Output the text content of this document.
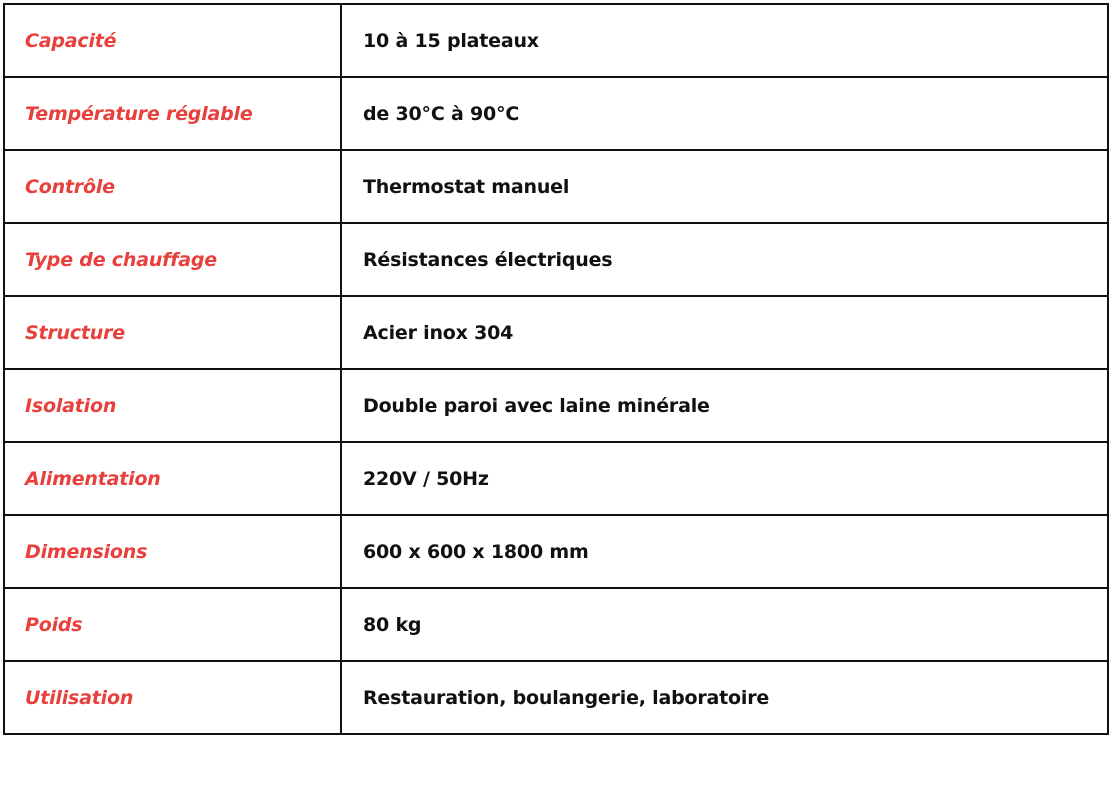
Capacité	10 à 15 plateaux
Température réglable	de 30°C à 90°C
Contrôle	Thermostat manuel
Type de chauffage	Résistances électriques
Structure	Acier inox 304
Isolation	Double paroi avec laine minérale
Alimentation	220V / 50Hz
Dimensions	600 x 600 x 1800 mm
Poids	80 kg
Utilisation	Restauration, boulangerie, laboratoire
